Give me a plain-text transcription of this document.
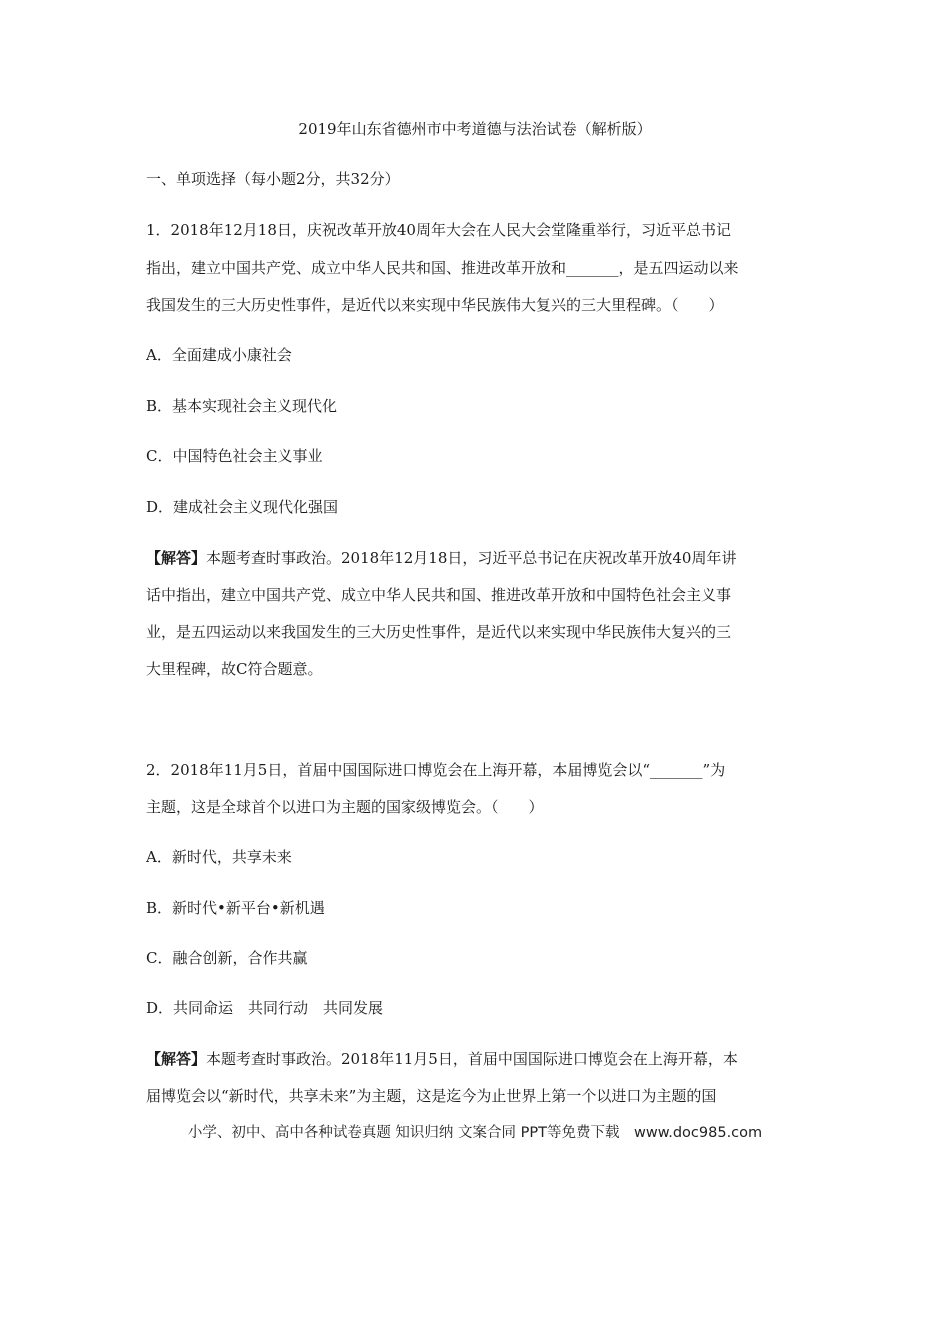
2019年山东省德州市中考道德与法治试卷（解析版）
一、单项选择（每小题2分，共32分）
1．2018年12月18日，庆祝改革开放40周年大会在人民大会堂隆重举行，习近平总书记
指出，建立中国共产党、成立中华人民共和国、推进改革开放和_______，是五四运动以来
我国发生的三大历史性事件，是近代以来实现中华民族伟大复兴的三大里程碑。（　　）
A．全面建成小康社会
B．基本实现社会主义现代化
C．中国特色社会主义事业
D．建成社会主义现代化强国
【解答】本题考查时事政治。2018年12月18日，习近平总书记在庆祝改革开放40周年讲
话中指出，建立中国共产党、成立中华人民共和国、推进改革开放和中国特色社会主义事
业，是五四运动以来我国发生的三大历史性事件，是近代以来实现中华民族伟大复兴的三
大里程碑，故C符合题意。
2．2018年11月5日，首届中国国际进口博览会在上海开幕，本届博览会以“_______”为
主题，这是全球首个以进口为主题的国家级博览会。（　　）
A．新时代，共享未来
B．新时代•新平台•新机遇
C．融合创新，合作共赢
D．共同命运　共同行动　共同发展
【解答】本题考查时事政治。2018年11月5日，首届中国国际进口博览会在上海开幕，本
届博览会以“新时代，共享未来”为主题，这是迄今为止世界上第一个以进口为主题的国
小学、初中、高中各种试卷真题 知识归纳 文案合同 PPT等免费下载　www.doc985.com
